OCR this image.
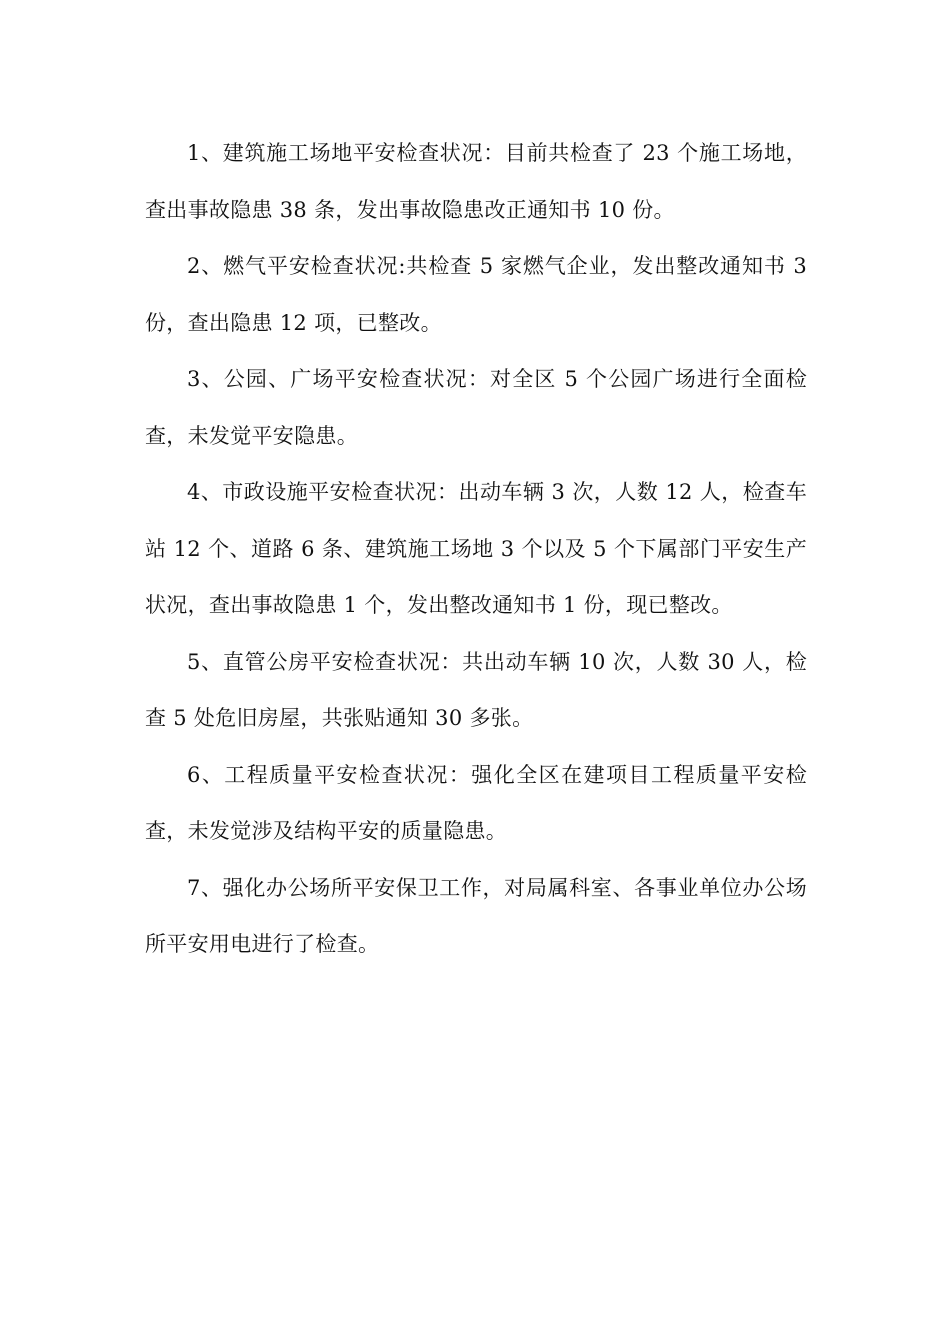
1、建筑施工场地平安检查状况：目前共检查了 23 个施工场地，查出事故隐患 38 条，发出事故隐患改正通知书 10 份。

2、燃气平安检查状况:共检查 5 家燃气企业，发出整改通知书 3 份，查出隐患 12 项，已整改。

3、公园、广场平安检查状况：对全区 5 个公园广场进行全面检查，未发觉平安隐患。

4、市政设施平安检查状况：出动车辆 3 次，人数 12 人，检查车站 12 个、道路 6 条、建筑施工场地 3 个以及 5 个下属部门平安生产状况，查出事故隐患 1 个，发出整改通知书 1 份，现已整改。

5、直管公房平安检查状况：共出动车辆 10 次，人数 30 人，检查 5 处危旧房屋，共张贴通知 30 多张。

6、工程质量平安检查状况：强化全区在建项目工程质量平安检查，未发觉涉及结构平安的质量隐患。

7、强化办公场所平安保卫工作，对局属科室、各事业单位办公场所平安用电进行了检查。
